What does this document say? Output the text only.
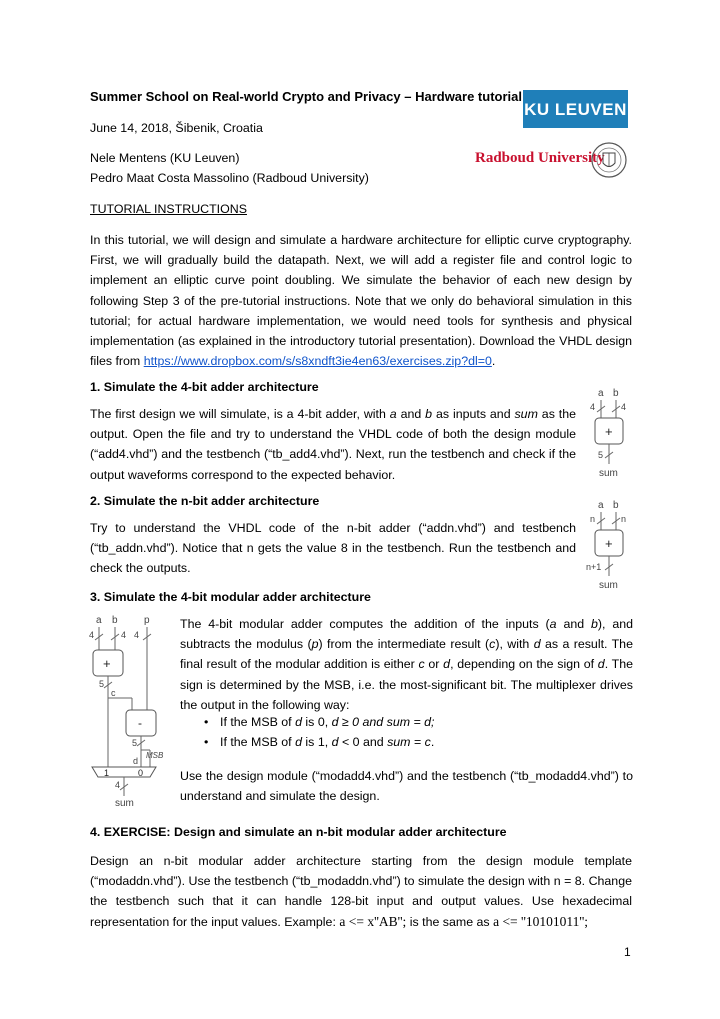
Summer School on Real-world Crypto and Privacy – Hardware tutorial
KU LEUVEN
June 14, 2018, Šibenik, Croatia
Nele Mentens (KU Leuven)
Pedro Maat Costa Massolino (Radboud University)
Radboud University
TUTORIAL INSTRUCTIONS
In this tutorial, we will design and simulate a hardware architecture for elliptic curve cryptography. First, we will gradually build the datapath. Next, we will add a register file and control logic to implement an elliptic curve point doubling. We simulate the behavior of each new design by following Step 3 of the pre-tutorial instructions. Note that we only do behavioral simulation in this tutorial; for actual hardware implementation, we would need tools for synthesis and physical implementation (as explained in the introductory tutorial presentation). Download the VHDL design files from https://www.dropbox.com/s/s8xndft3ie4en63/exercises.zip?dl=0.
1. Simulate the 4-bit adder architecture
The first design we will simulate, is a 4-bit adder, with a and b as inputs and sum as the output. Open the file and try to understand the VHDL code of both the design module (“add4.vhd”) and the testbench (“tb_add4.vhd”). Next, run the testbench and check if the output waveforms correspond to the expected behavior.
a b
4	4
+
5
sum
2. Simulate the n-bit adder architecture
Try to understand the VHDL code of the n-bit adder (“addn.vhd”) and testbench (“tb_addn.vhd”). Notice that n gets the value 8 in the testbench. Run the testbench and check the outputs.
a b
n	n
+
n+1
sum
3. Simulate the 4-bit modular adder architecture
a b	p
4	4 4
+
5
c
-
5
MSB
d
1	0
4
sum
The 4-bit modular adder computes the addition of the inputs (a and b), and subtracts the modulus (p) from the intermediate result (c), with d as a result. The final result of the modular addition is either c or d, depending on the sign of d. The sign is determined by the MSB, i.e. the most-significant bit. The multiplexer drives the output in the following way:
• If the MSB of d is 0, d ≥ 0 and sum = d;
• If the MSB of d is 1, d < 0 and sum = c.
Use the design module (“modadd4.vhd”) and the testbench (“tb_modadd4.vhd”) to understand and simulate the design.
4. EXERCISE: Design and simulate an n-bit modular adder architecture
Design an n-bit modular adder architecture starting from the design module template (“modaddn.vhd”). Use the testbench (“tb_modaddn.vhd”) to simulate the design with n = 8. Change the testbench such that it can handle 128-bit input and output values. Use hexadecimal representation for the input values. Example: a <= x''AB''; is the same as a <= ''10101011'';
1
